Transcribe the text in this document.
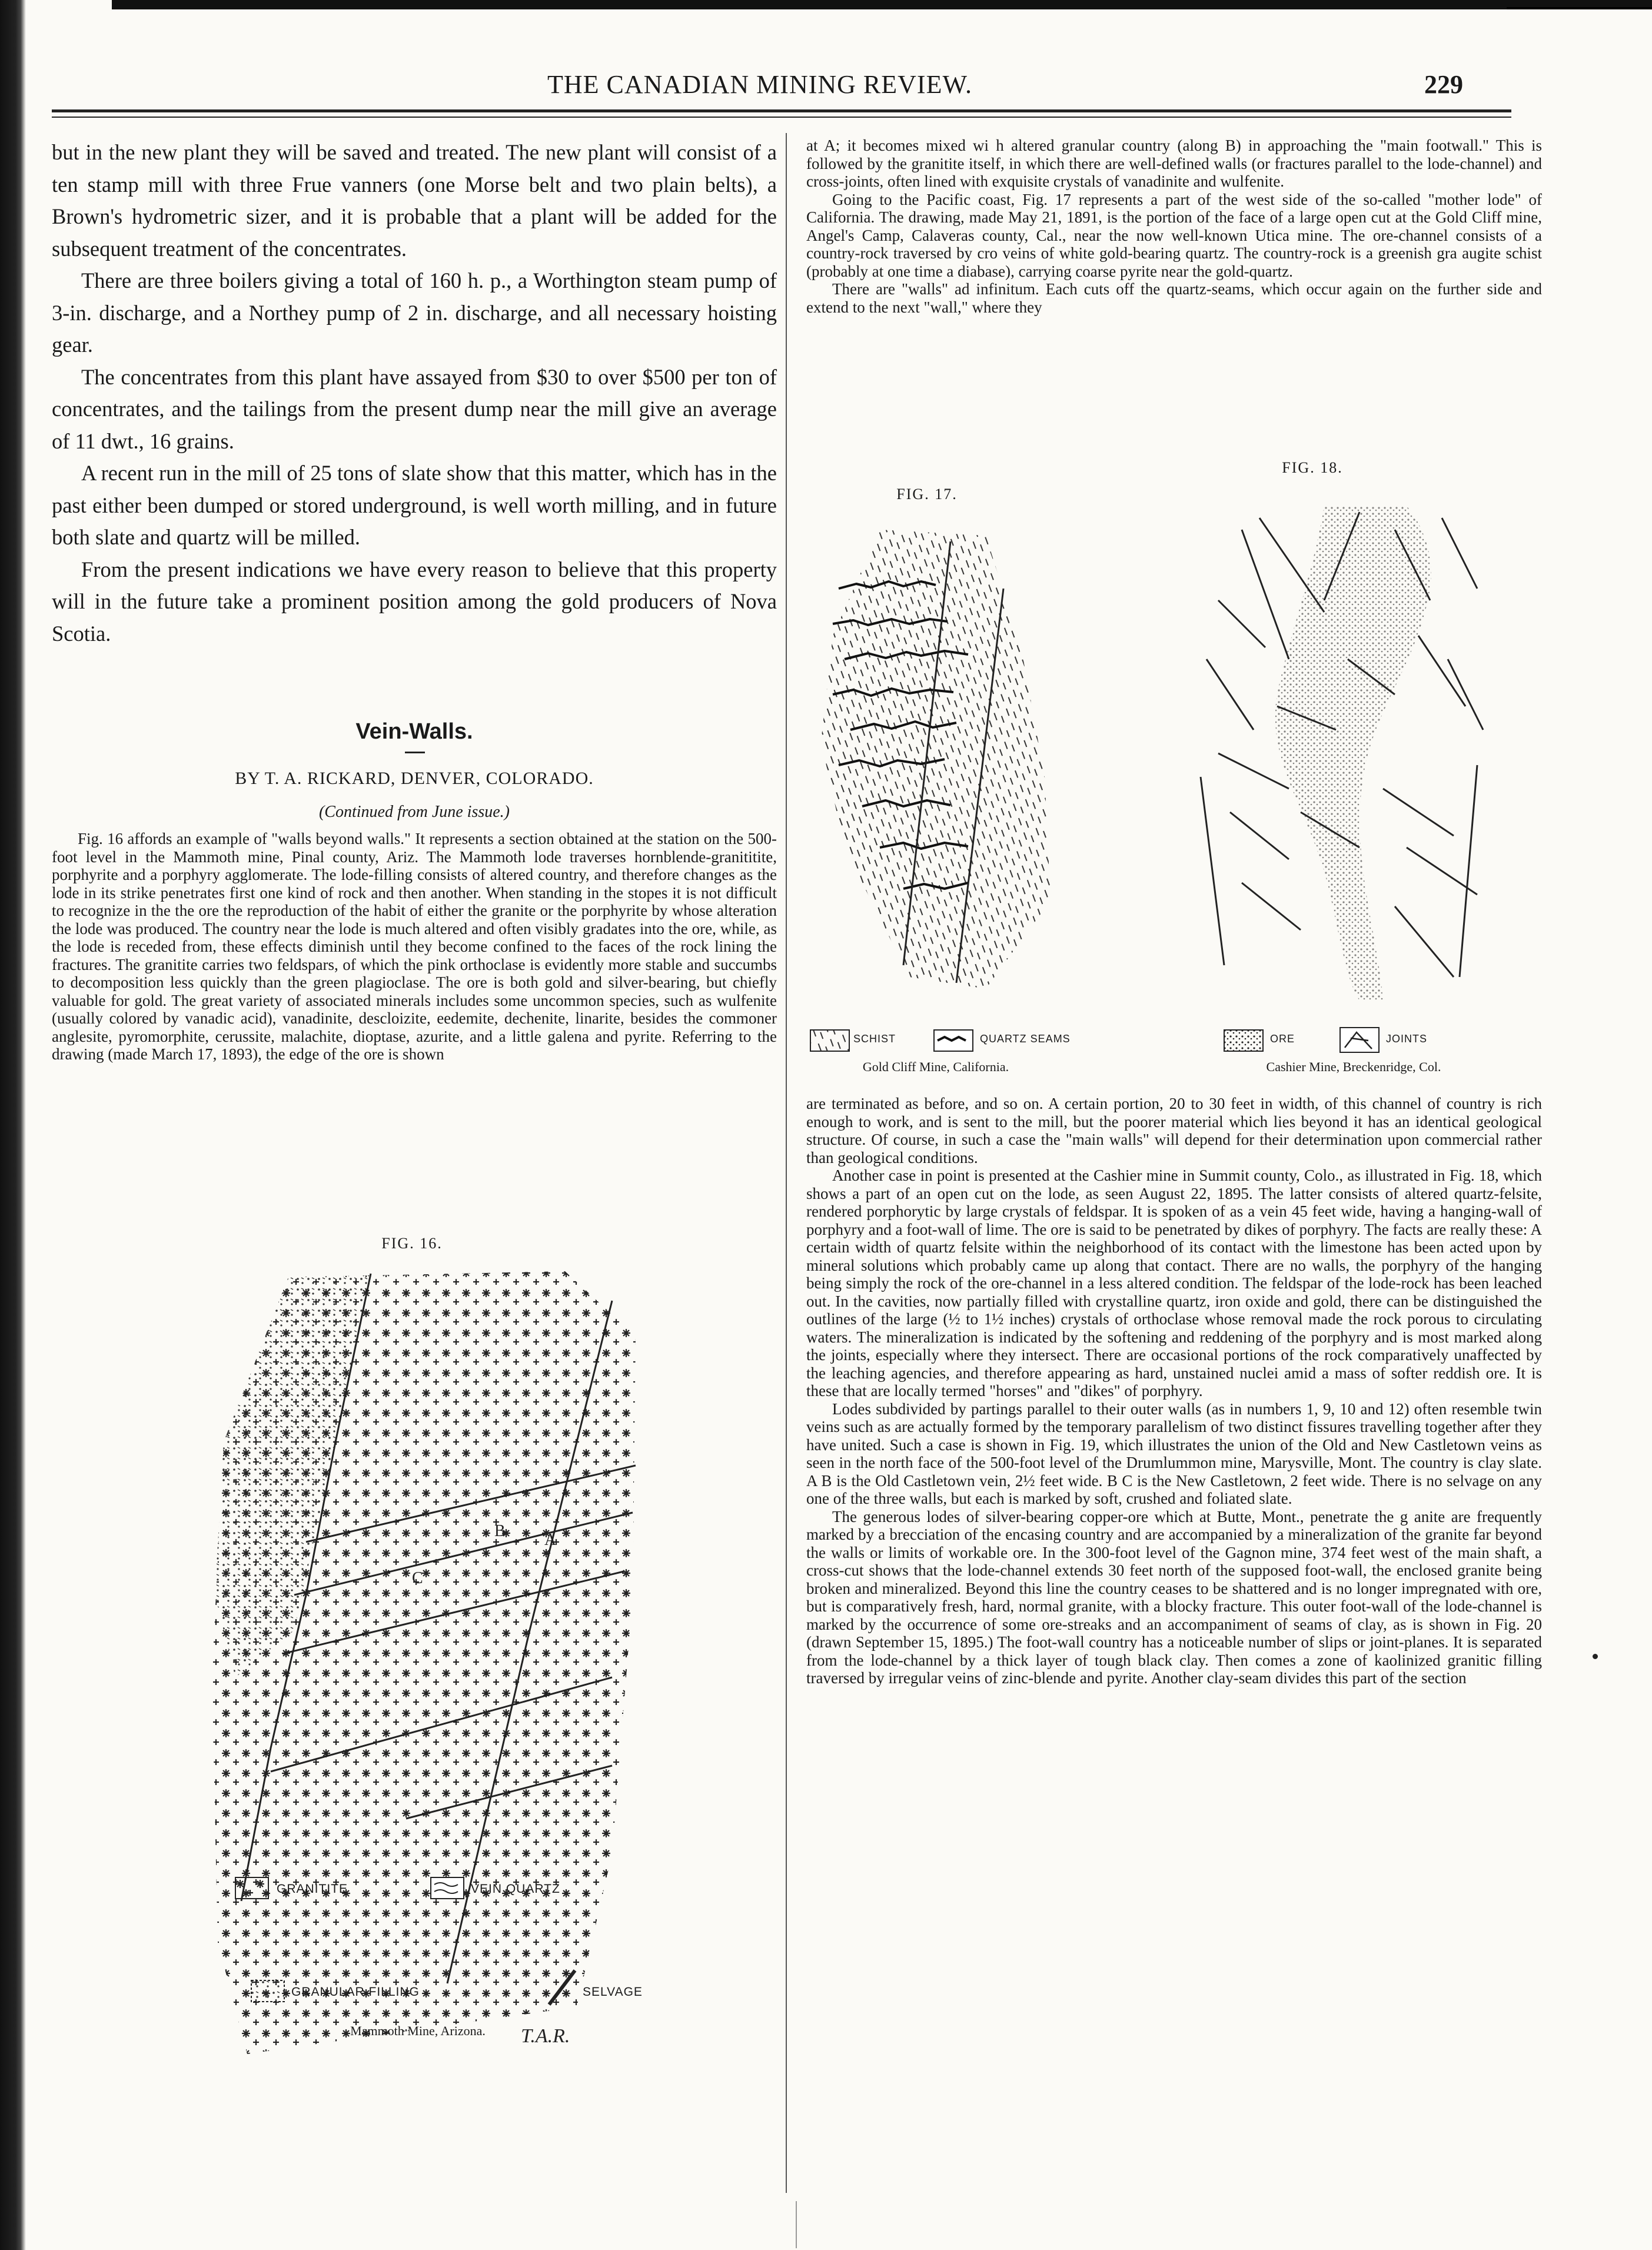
THE CANADIAN MINING REVIEW.	229

but in the new plant they will be saved and treated. The new plant will consist of a ten stamp mill with three Frue vanners (one Morse belt and two plain belts), a Brown's hydrometric sizer, and it is probable that a plant will be added for the subsequent treatment of the concentrates.

There are three boilers giving a total of 160 h. p., a Worthington steam pump of 3-in. discharge, and a Northey pump of 2 in. discharge, and all necessary hoisting gear.

The concentrates from this plant have assayed from $30 to over $500 per ton of concentrates, and the tailings from the present dump near the mill give an average of 11 dwt., 16 grains.

A recent run in the mill of 25 tons of slate show that this matter, which has in the past either been dumped or stored underground, is well worth milling, and in future both slate and quartz will be milled.

From the present indications we have every reason to believe that this property will in the future take a prominent position among the gold producers of Nova Scotia.

Vein-Walls.
BY T. A. RICKARD, DENVER, COLORADO.
(Continued from June issue.)

Fig. 16 affords an example of "walls beyond walls." It represents a section obtained at the station on the 500-foot level in the Mammoth mine, Pinal county, Ariz. The Mammoth lode traverses hornblende-granititite, porphyrite and a porphyry agglomerate. The lode-filling consists of altered country, and therefore changes as the lode in its strike penetrates first one kind of rock and then another. When standing in the stopes it is not difficult to recognize in the the ore the reproduction of the habit of either the granite or the porphyrite by whose alteration the lode was produced. The country near the lode is much altered and often visibly gradates into the ore, while, as the lode is receded from, these effects diminish until they become confined to the faces of the rock lining the fractures. The granitite carries two feldspars, of which the pink orthoclase is evidently more stable and succumbs to decomposition less quickly than the green plagioclase. The ore is both gold and silver-bearing, but chiefly valuable for gold. The great variety of associated minerals includes some uncommon species, such as wulfenite (usually colored by vanadic acid), vanadinite, descloizite, eedemite, dechenite, linarite, besides the commoner anglesite, pyromorphite, cerussite, malachite, dioptase, azurite, and a little galena and pyrite. Referring to the drawing (made March 17, 1893), the edge of the ore is shown

FIG. 16.
C
A
B
T.A.R.
GRANITITE	VEIN QUARTZ
GRANULAR FILLING	SELVAGE
Mammoth Mine, Arizona.

at A; it becomes mixed wi h altered granular country (along B) in approaching the "main footwall." This is followed by the granitite itself, in which there are well-defined walls (or fractures parallel to the lode-channel) and cross-joints, often lined with exquisite crystals of vanadinite and wulfenite.

Going to the Pacific coast, Fig. 17 represents a part of the west side of the so-called "mother lode" of California. The drawing, made May 21, 1891, is the portion of the face of a large open cut at the Gold Cliff mine, Angel's Camp, Calaveras county, Cal., near the now well-known Utica mine. The ore-channel consists of a country-rock traversed by cro veins of white gold-bearing quartz. The country-rock is a greenish gra augite schist (probably at one time a diabase), carrying coarse pyrite near the gold-quartz.

There are "walls" ad infinitum. Each cuts off the quartz-seams, which occur again on the further side and extend to the next "wall," where they

FIG. 17.
SCHIST	QUARTZ SEAMS
Gold Cliff Mine, California.
FIG. 18.
ORE	JOINTS
Cashier Mine, Breckenridge, Col.

are terminated as before, and so on. A certain portion, 20 to 30 feet in width, of this channel of country is rich enough to work, and is sent to the mill, but the poorer material which lies beyond it has an identical geological structure. Of course, in such a case the "main walls" will depend for their determination upon commercial rather than geological conditions.

Another case in point is presented at the Cashier mine in Summit county, Colo., as illustrated in Fig. 18, which shows a part of an open cut on the lode, as seen August 22, 1895. The latter consists of altered quartz-felsite, rendered porphorytic by large crystals of feldspar. It is spoken of as a vein 45 feet wide, having a hanging-wall of porphyry and a foot-wall of lime. The ore is said to be penetrated by dikes of porphyry. The facts are really these: A certain width of quartz felsite within the neighborhood of its contact with the limestone has been acted upon by mineral solutions which probably came up along that contact. There are no walls, the porphyry of the hanging being simply the rock of the ore-channel in a less altered condition. The feldspar of the lode-rock has been leached out. In the cavities, now partially filled with crystalline quartz, iron oxide and gold, there can be distinguished the outlines of the large (½ to 1½ inches) crystals of orthoclase whose removal made the rock porous to circulating waters. The mineralization is indicated by the softening and reddening of the porphyry and is most marked along the joints, especially where they intersect. There are occasional portions of the rock comparatively unaffected by the leaching agencies, and therefore appearing as hard, unstained nuclei amid a mass of softer reddish ore. It is these that are locally termed "horses" and "dikes" of porphyry.

Lodes subdivided by partings parallel to their outer walls (as in numbers 1, 9, 10 and 12) often resemble twin veins such as are actually formed by the temporary parallelism of two distinct fissures travelling together after they have united. Such a case is shown in Fig. 19, which illustrates the union of the Old and New Castletown veins as seen in the north face of the 500-foot level of the Drumlummon mine, Marysville, Mont. The country is clay slate. A B is the Old Castletown vein, 2½ feet wide. B C is the New Castletown, 2 feet wide. There is no selvage on any one of the three walls, but each is marked by soft, crushed and foliated slate.

The generous lodes of silver-bearing copper-ore which at Butte, Mont., penetrate the g anite are frequently marked by a brecciation of the encasing country and are accompanied by a mineralization of the granite far beyond the walls or limits of workable ore. In the 300-foot level of the Gagnon mine, 374 feet west of the main shaft, a cross-cut shows that the lode-channel extends 30 feet north of the supposed foot-wall, the enclosed granite being broken and mineralized. Beyond this line the country ceases to be shattered and is no longer impregnated with ore, but is comparatively fresh, hard, normal granite, with a blocky fracture. This outer foot-wall of the lode-channel is marked by the occurrence of some ore-streaks and an accompaniment of seams of clay, as is shown in Fig. 20 (drawn September 15, 1895.) The foot-wall country has a noticeable number of slips or joint-planes. It is separated from the lode-channel by a thick layer of tough black clay. Then comes a zone of kaolinized granitic filling traversed by irregular veins of zinc-blende and pyrite. Another clay-seam divides this part of the section
